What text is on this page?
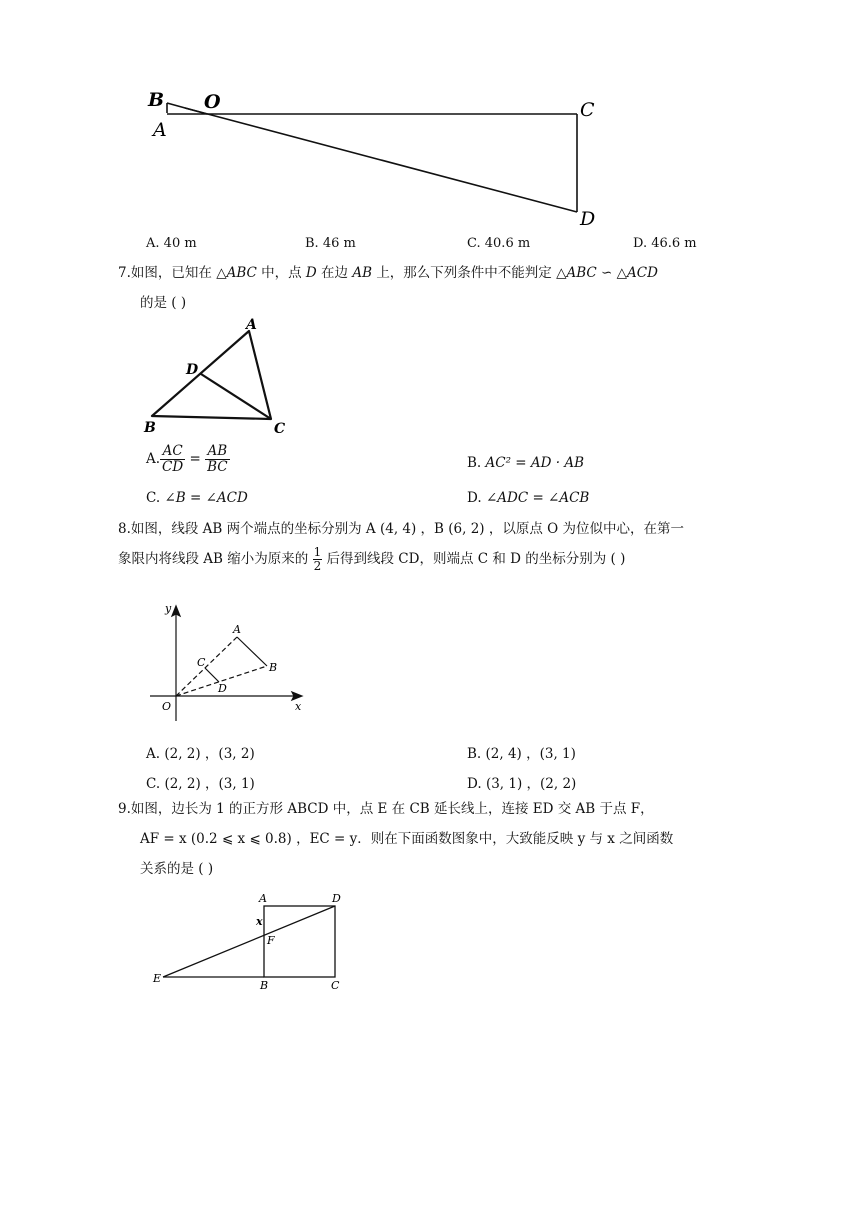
B
A
O	C
D
A. 40 m	B. 46 m	C. 40.6 m	D. 46.6 m
7.如图，已知在 △ABC 中，点 D 在边 AB 上，那么下列条件中不能判定 △ABC ∽ △ACD
的是 ( )
A
D
B	C
A. $\frac{AC}{CD} = \frac{AB}{BC}$	B. AC² = AD · AB
C. ∠B = ∠ACD	D. ∠ADC = ∠ACB
8.如图，线段 AB 两个端点的坐标分别为 A (4, 4) ，B (6, 2) ，以原点 O 为位似中心，在第一
象限内将线段 AB 缩小为原来的 $\frac{1}{2}$ 后得到线段 CD，则端点 C 和 D 的坐标分别为 ( )
y
x
O
A
B
C
D
A. (2, 2) ，(3, 2)	B. (2, 4) ，(3, 1)
C. (2, 2) ，(3, 1)	D. (3, 1) ，(2, 2)
9.如图，边长为 1 的正方形 ABCD 中，点 E 在 CB 延长线上，连接 ED 交 AB 于点 F，
AF = x (0.2 ⩽ x ⩽ 0.8) ，EC = y．则在下面函数图象中，大致能反映 y 与 x 之间函数
关系的是 ( )
A	D
x
F
E
B	C
